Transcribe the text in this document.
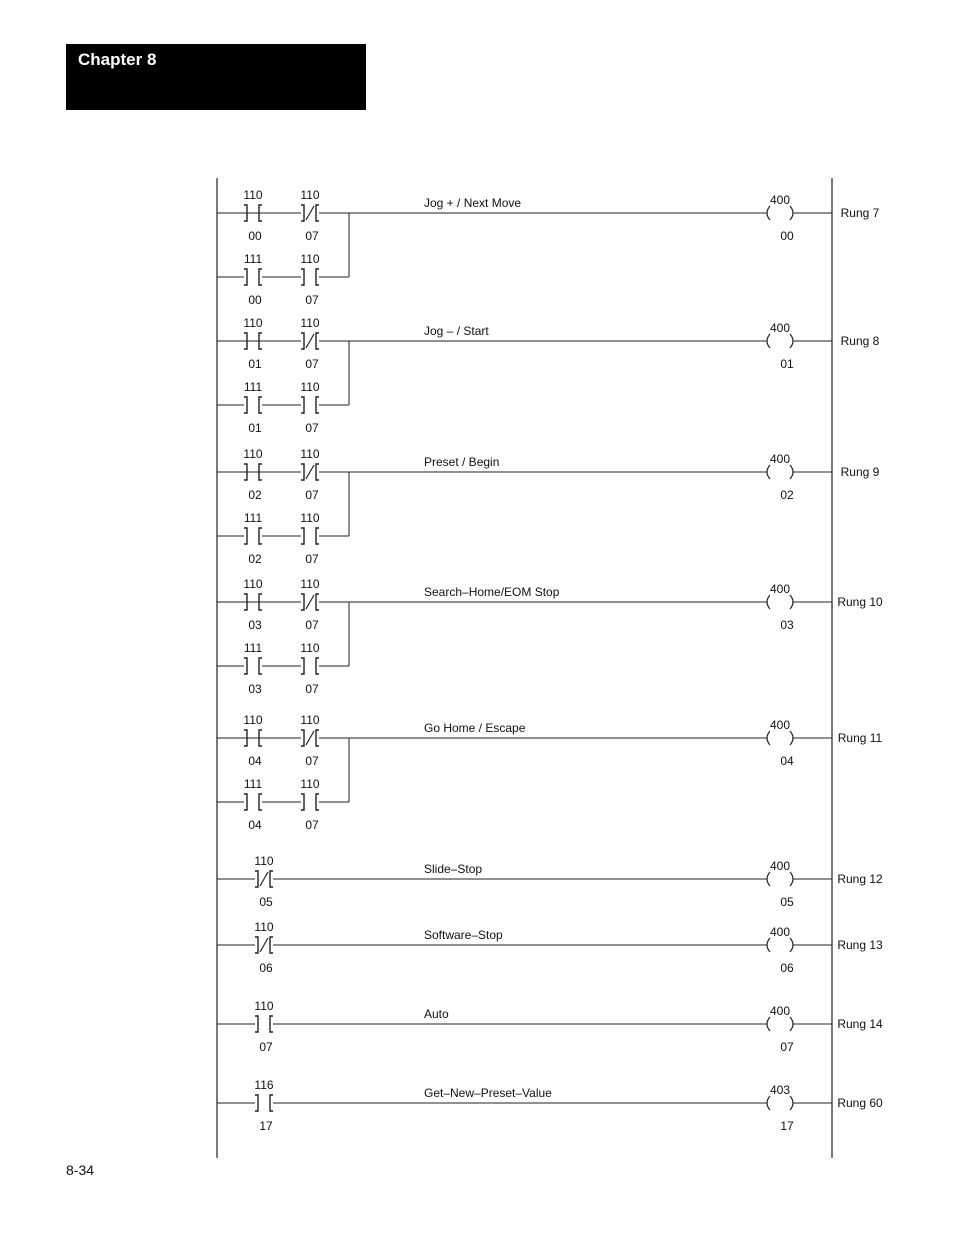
Chapter 8
110
00
110
07
111
00
110
07
Jog + / Next Move	400
00
Rung 7
110
01
110
07
111
01
110
07
Jog – / Start	400
01
Rung 8
110
02
110
07
111
02
110
07
Preset / Begin	400
02
Rung 9
110
03
110
07
111
03
110
07
Search–Home/EOM Stop	400
03
Rung 10
110
04
110
07
111
04
110
07
Go Home / Escape	400
04
Rung 11
110
05
Slide–Stop	400
05
Rung 12
110
06
Software–Stop	400
06
Rung 13
110
07
Auto	400
07
Rung 14
116
17
Get–New–Preset–Value	403
17
Rung 60
8-34
